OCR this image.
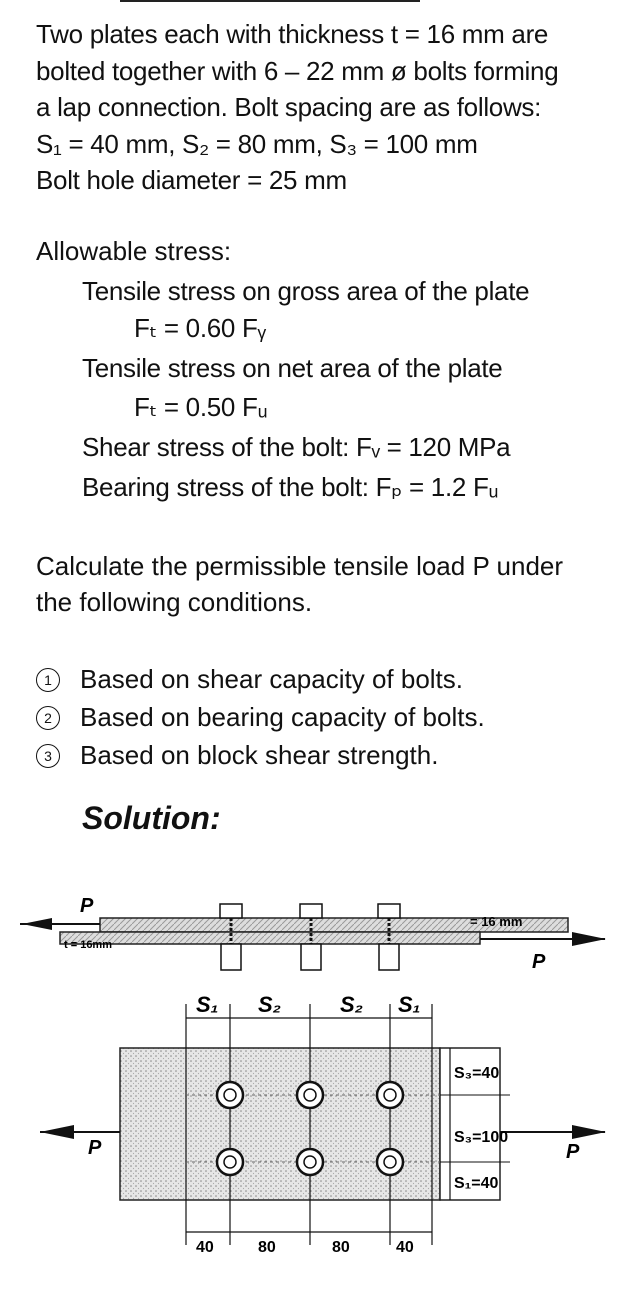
Two plates each with thickness t = 16 mm are
bolted together with 6 – 22 mm ø bolts forming
a lap connection. Bolt spacing are as follows:
S₁ = 40 mm, S₂ = 80 mm, S₃ = 100 mm
Bolt hole diameter = 25 mm
Allowable stress:
Tensile stress on gross area of the plate
Fₜ = 0.60 Fᵧ
Tensile stress on net area of the plate
Fₜ = 0.50 Fᵤ
Shear stress of the bolt: Fᵥ = 120 MPa
Bearing stress of the bolt: Fₚ = 1.2 Fᵤ
Calculate the permissible tensile load P under
the following conditions.
1 Based on shear capacity of bolts.
2 Based on bearing capacity of bolts.
3 Based on block shear strength.
Solution:
P
P
t = 16mm
= 16 mm
P	P
S₁ S₂	S₂ S₁
S₃=40
S₃=100
S₁=40
40	80	80	40
